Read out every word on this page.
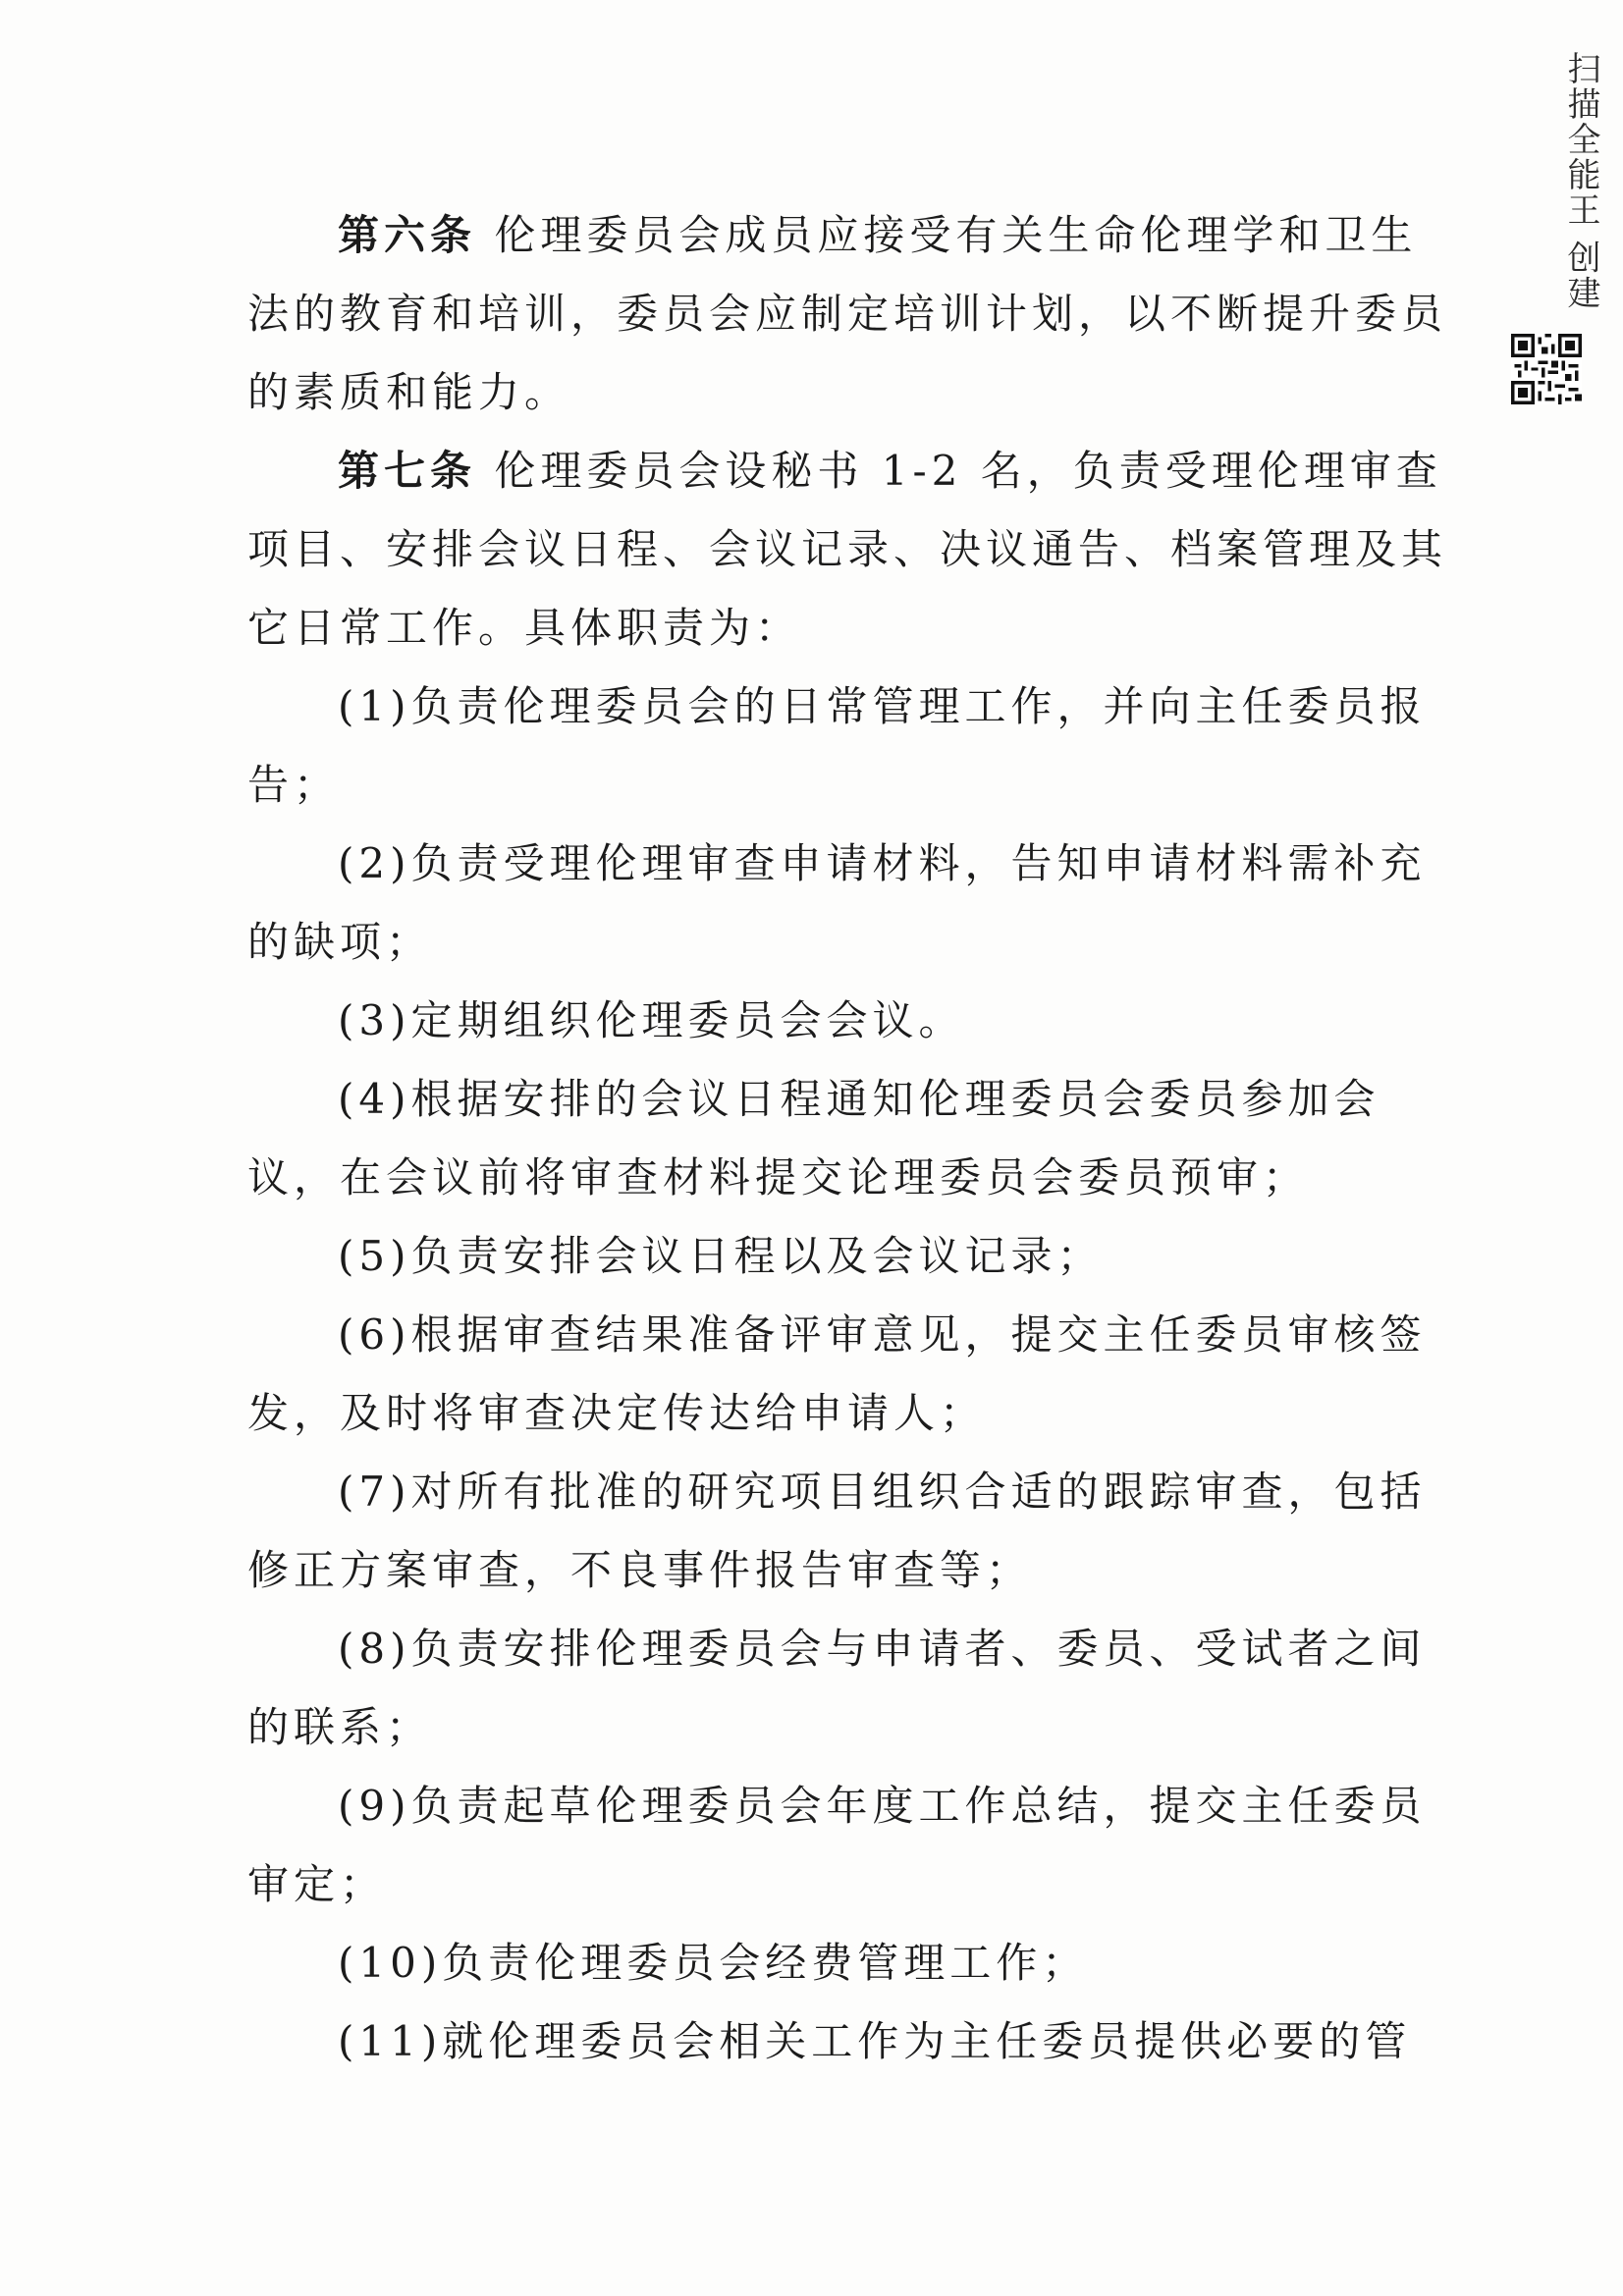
扫描全能王 创建
第六条 伦理委员会成员应接受有关生命伦理学和卫生
法的教育和培训，委员会应制定培训计划，以不断提升委员
的素质和能力。
第七条 伦理委员会设秘书 1-2 名，负责受理伦理审查
项目、安排会议日程、会议记录、决议通告、档案管理及其
它日常工作。具体职责为：
(1)负责伦理委员会的日常管理工作，并向主任委员报
告；
(2)负责受理伦理审查申请材料，告知申请材料需补充
的缺项；
(3)定期组织伦理委员会会议。
(4)根据安排的会议日程通知伦理委员会委员参加会
议，在会议前将审查材料提交论理委员会委员预审；
(5)负责安排会议日程以及会议记录；
(6)根据审查结果准备评审意见，提交主任委员审核签
发，及时将审查决定传达给申请人；
(7)对所有批准的研究项目组织合适的跟踪审查，包括
修正方案审查，不良事件报告审查等；
(8)负责安排伦理委员会与申请者、委员、受试者之间
的联系；
(9)负责起草伦理委员会年度工作总结，提交主任委员
审定；
(10)负责伦理委员会经费管理工作；
(11)就伦理委员会相关工作为主任委员提供必要的管
